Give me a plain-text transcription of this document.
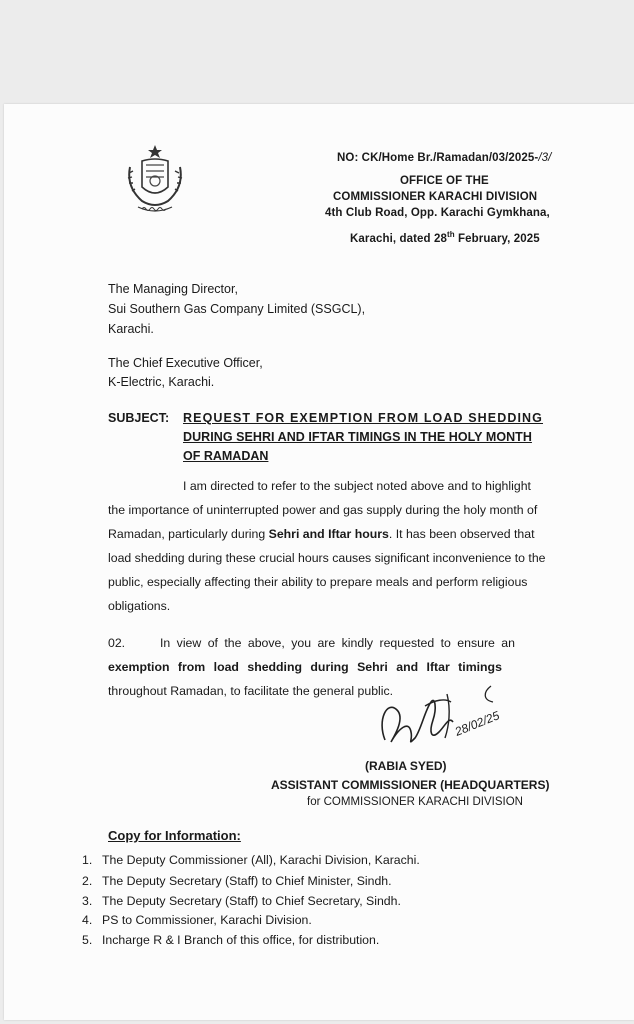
NO: CK/Home Br./Ramadan/03/2025-/3/
OFFICE OF THE
COMMISSIONER KARACHI DIVISION
4th Club Road, Opp. Karachi Gymkhana,
Karachi, dated 28th February, 2025
The Managing Director,
Sui Southern Gas Company Limited (SSGCL),
Karachi.
The Chief Executive Officer,
K-Electric, Karachi.
SUBJECT: REQUEST FOR EXEMPTION FROM LOAD SHEDDING
DURING SEHRI AND IFTAR TIMINGS IN THE HOLY MONTH
OF RAMADAN
I am directed to refer to the subject noted above and to highlight
the importance of uninterrupted power and gas supply during the holy month of
Ramadan, particularly during Sehri and Iftar hours. It has been observed that
load shedding during these crucial hours causes significant inconvenience to the
public, especially affecting their ability to prepare meals and perform religious
obligations.
02.	In view of the above, you are kindly requested to ensure an
exemption from load shedding during Sehri and Iftar timings
throughout Ramadan, to facilitate the general public.
28/02/25
(RABIA SYED)
ASSISTANT COMMISSIONER (HEADQUARTERS)
for COMMISSIONER KARACHI DIVISION
Copy for Information:
1. The Deputy Commissioner (All), Karachi Division, Karachi.
2. The Deputy Secretary (Staff) to Chief Minister, Sindh.
3. The Deputy Secretary (Staff) to Chief Secretary, Sindh.
4. PS to Commissioner, Karachi Division.
5. Incharge R & I Branch of this office, for distribution.
